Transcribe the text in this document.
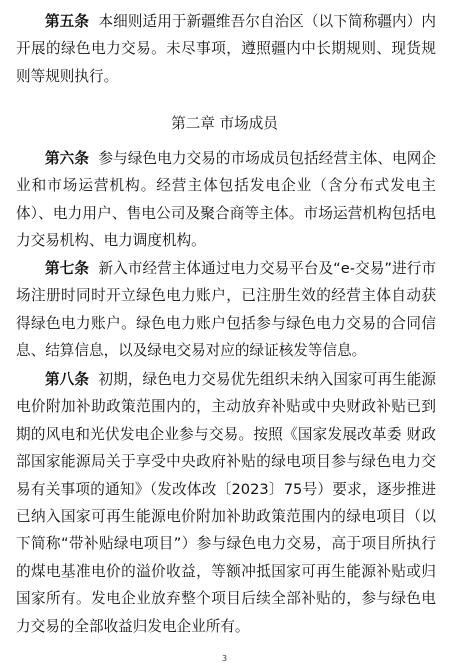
第五条 本细则适用于新疆维吾尔自治区（以下简称疆内）内开展的绿色电力交易。未尽事项，遵照疆内中长期规则、现货规则等规则执行。

第二章 市场成员

第六条 参与绿色电力交易的市场成员包括经营主体、电网企业和市场运营机构。经营主体包括发电企业（含分布式发电主体）、电力用户、售电公司及聚合商等主体。市场运营机构包括电力交易机构、电力调度机构。

第七条 新入市经营主体通过电力交易平台及“e-交易”进行市场注册时同时开立绿色电力账户，已注册生效的经营主体自动获得绿色电力账户。绿色电力账户包括参与绿色电力交易的合同信息、结算信息，以及绿电交易对应的绿证核发等信息。

第八条 初期，绿色电力交易优先组织未纳入国家可再生能源电价附加补助政策范围内的，主动放弃补贴或中央财政补贴已到期的风电和光伏发电企业参与交易。按照《国家发展改革委 财政部国家能源局关于享受中央政府补贴的绿电项目参与绿色电力交易有关事项的通知》（发改体改〔2023〕75号）要求，逐步推进已纳入国家可再生能源电价附加补助政策范围内的绿电项目（以下简称“带补贴绿电项目”）参与绿色电力交易，高于项目所执行的煤电基准电价的溢价收益，等额冲抵国家可再生能源补贴或归国家所有。发电企业放弃整个项目后续全部补贴的，参与绿色电力交易的全部收益归发电企业所有。

3
